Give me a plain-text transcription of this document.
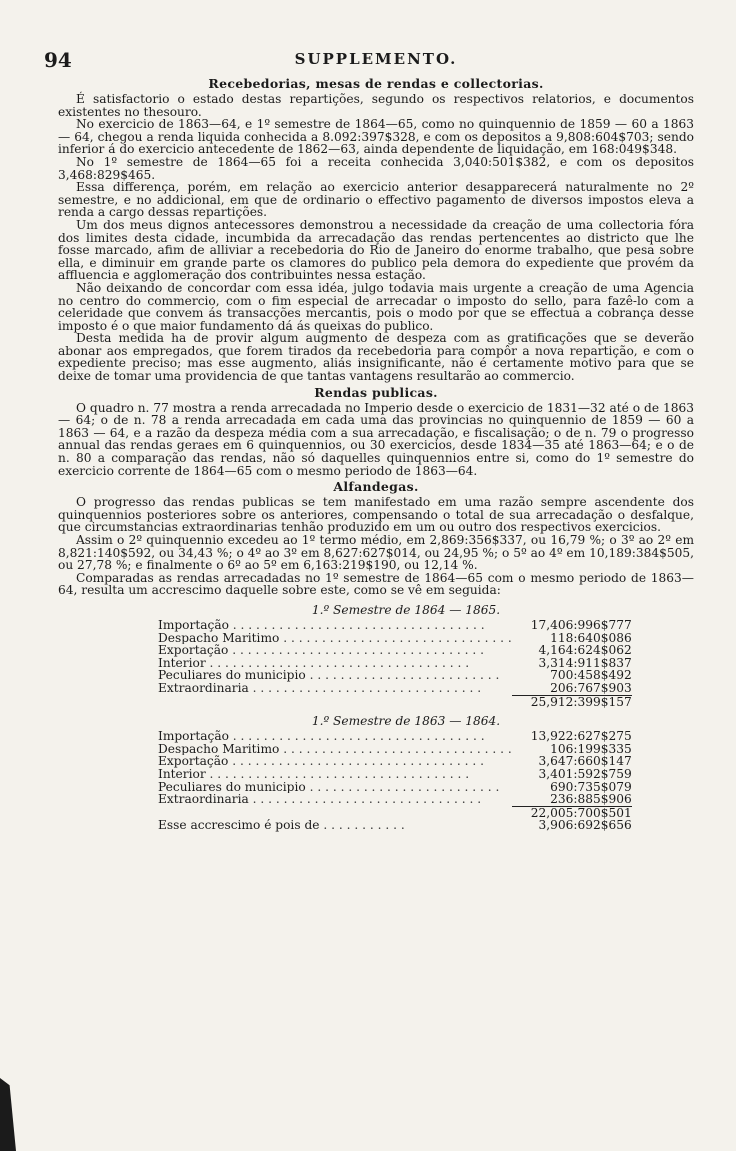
94	SUPPLEMENTO.
Recebedorias, mesas de rendas e collectorias.

É satisfactorio o estado destas repartições, segundo os respectivos relatorios, e documentos existentes no thesouro.

No exercicio de 1863—64, e 1º semestre de 1864—65, como no quinquennio de 1859 — 60 a 1863 — 64, chegou a renda liquida conhecida a 8.092:397$328, e com os depositos a 9,808:604$703; sendo inferior á do exercicio antecedente de 1862—63, ainda dependente de liquidação, em 168:049$348.

No 1º semestre de 1864—65 foi a receita conhecida 3,040:501$382, e com os depositos 3,468:829$465.

Essa differença, porém, em relação ao exercicio anterior desapparecerá naturalmente no 2º semestre, e no addicional, em que de ordinario o effectivo pagamento de diversos impostos eleva a renda a cargo dessas repartições.

Um dos meus dignos antecessores demonstrou a necessidade da creação de uma collectoria fóra dos limites desta cidade, incumbida da arrecadação das rendas pertencentes ao districto que lhe fosse marcado, afim de alliviar a recebedoria do Rio de Janeiro do enorme trabalho, que pesa sobre ella, e diminuir em grande parte os clamores do publico pela demora do expediente que provém da affluencia e agglomeração dos contribuintes nessa estação.

Não deixando de concordar com essa idéa, julgo todavia mais urgente a creação de uma Agencia no centro do commercio, com o fim especial de arrecadar o imposto do sello, para fazê-lo com a celeridade que convem ás transacções mercantis, pois o modo por que se effectua a cobrança desse imposto é o que maior fundamento dá ás queixas do publico.

Desta medida ha de provir algum augmento de despeza com as gratificações que se deverão abonar aos empregados, que forem tirados da recebedoria para compôr a nova repartição, e com o expediente preciso; mas esse augmento, aliás insignificante, não é certamente motivo para que se deixe de tomar uma providencia de que tantas vantagens resultarão ao commercio.

Rendas publicas.

O quadro n. 77 mostra a renda arrecadada no Imperio desde o exercicio de 1831—32 até o de 1863 — 64; o de n. 78 a renda arrecadada em cada uma das provincias no quinquennio de 1859 — 60 a 1863 — 64, e a razão da despeza média com a sua arrecadação, e fiscalisação; o de n. 79 o progresso annual das rendas geraes em 6 quinquennios, ou 30 exercicios, desde 1834—35 até 1863—64; e o de n. 80 a comparação das rendas, não só daquelles quinquennios entre si, como do 1º semestre do exercicio corrente de 1864—65 com o mesmo periodo de 1863—64.

Alfandegas.

O progresso das rendas publicas se tem manifestado em uma razão sempre ascendente dos quinquennios posteriores sobre os anteriores, compensando o total de sua arrecadação o desfalque, que circumstancias extraordinarias tenhão produzido em um ou outro dos respectivos exercicios.

Assim o 2º quinquennio excedeu ao 1º termo médio, em 2,869:356$337, ou 16,79 %; o 3º ao 2º em 8,821:140$592, ou 34,43 %; o 4º ao 3º em 8,627:627$014, ou 24,95 %; o 5º ao 4º em 10,189:384$505, ou 27,78 %; e finalmente o 6º ao 5º em 6,163:219$190, ou 12,14 %.

Comparadas as rendas arrecadadas no 1º semestre de 1864—65 com o mesmo periodo de 1863—64, resulta um accrescimo daquelle sobre este, como se vê em seguida:

1.º Semestre de 1864 — 1865.
Importação . . . . . . . . . . . . . . . . . . . . . . . . . . . . . . . . .	17,406:996$777
Despacho Maritimo . . . . . . . . . . . . . . . . . . . . . . . . . . . . . .	118:640$086
Exportação . . . . . . . . . . . . . . . . . . . . . . . . . . . . . . . . .	4,164:624$062
Interior . . . . . . . . . . . . . . . . . . . . . . . . . . . . . . . . . .	3,314:911$837
Peculiares do municipio . . . . . . . . . . . . . . . . . . . . . . . . .	700:458$492
Extraordinaria . . . . . . . . . . . . . . . . . . . . . . . . . . . . . .	206:767$903
	25,912:399$157
1.º Semestre de 1863 — 1864.
Importação . . . . . . . . . . . . . . . . . . . . . . . . . . . . . . . . .	13,922:627$275
Despacho Maritimo . . . . . . . . . . . . . . . . . . . . . . . . . . . . . .	106:199$335
Exportação . . . . . . . . . . . . . . . . . . . . . . . . . . . . . . . . .	3,647:660$147
Interior . . . . . . . . . . . . . . . . . . . . . . . . . . . . . . . . . .	3,401:592$759
Peculiares do municipio . . . . . . . . . . . . . . . . . . . . . . . . .	690:735$079
Extraordinaria . . . . . . . . . . . . . . . . . . . . . . . . . . . . . .	236:885$906
	22,005:700$501
Esse accrescimo é pois de . . . . . . . . . . .	3,906:692$656
